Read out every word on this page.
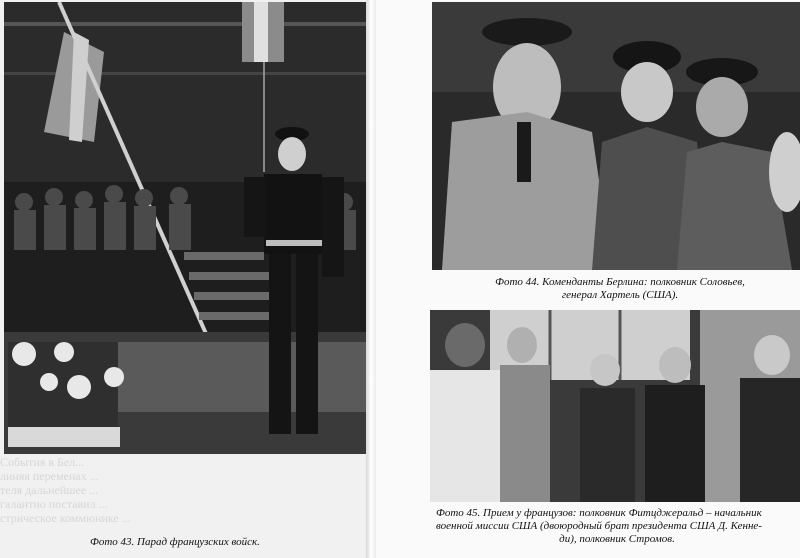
События в Бел...
линяя переменах ...
теля дальнейшее ...
галантно поставил ...
стрическое коммюнике ...

Фото 44. Коменданты Берлина: полковник Соловьев,
генерал Хартель (США).

Фото 45. Прием у французов: полковник Фитцджеральд – начальник
военной миссии США (двоюродный брат президента США Д. Кенне-
ди), полковник Стромов.

Фото 43. Парад французских войск.
